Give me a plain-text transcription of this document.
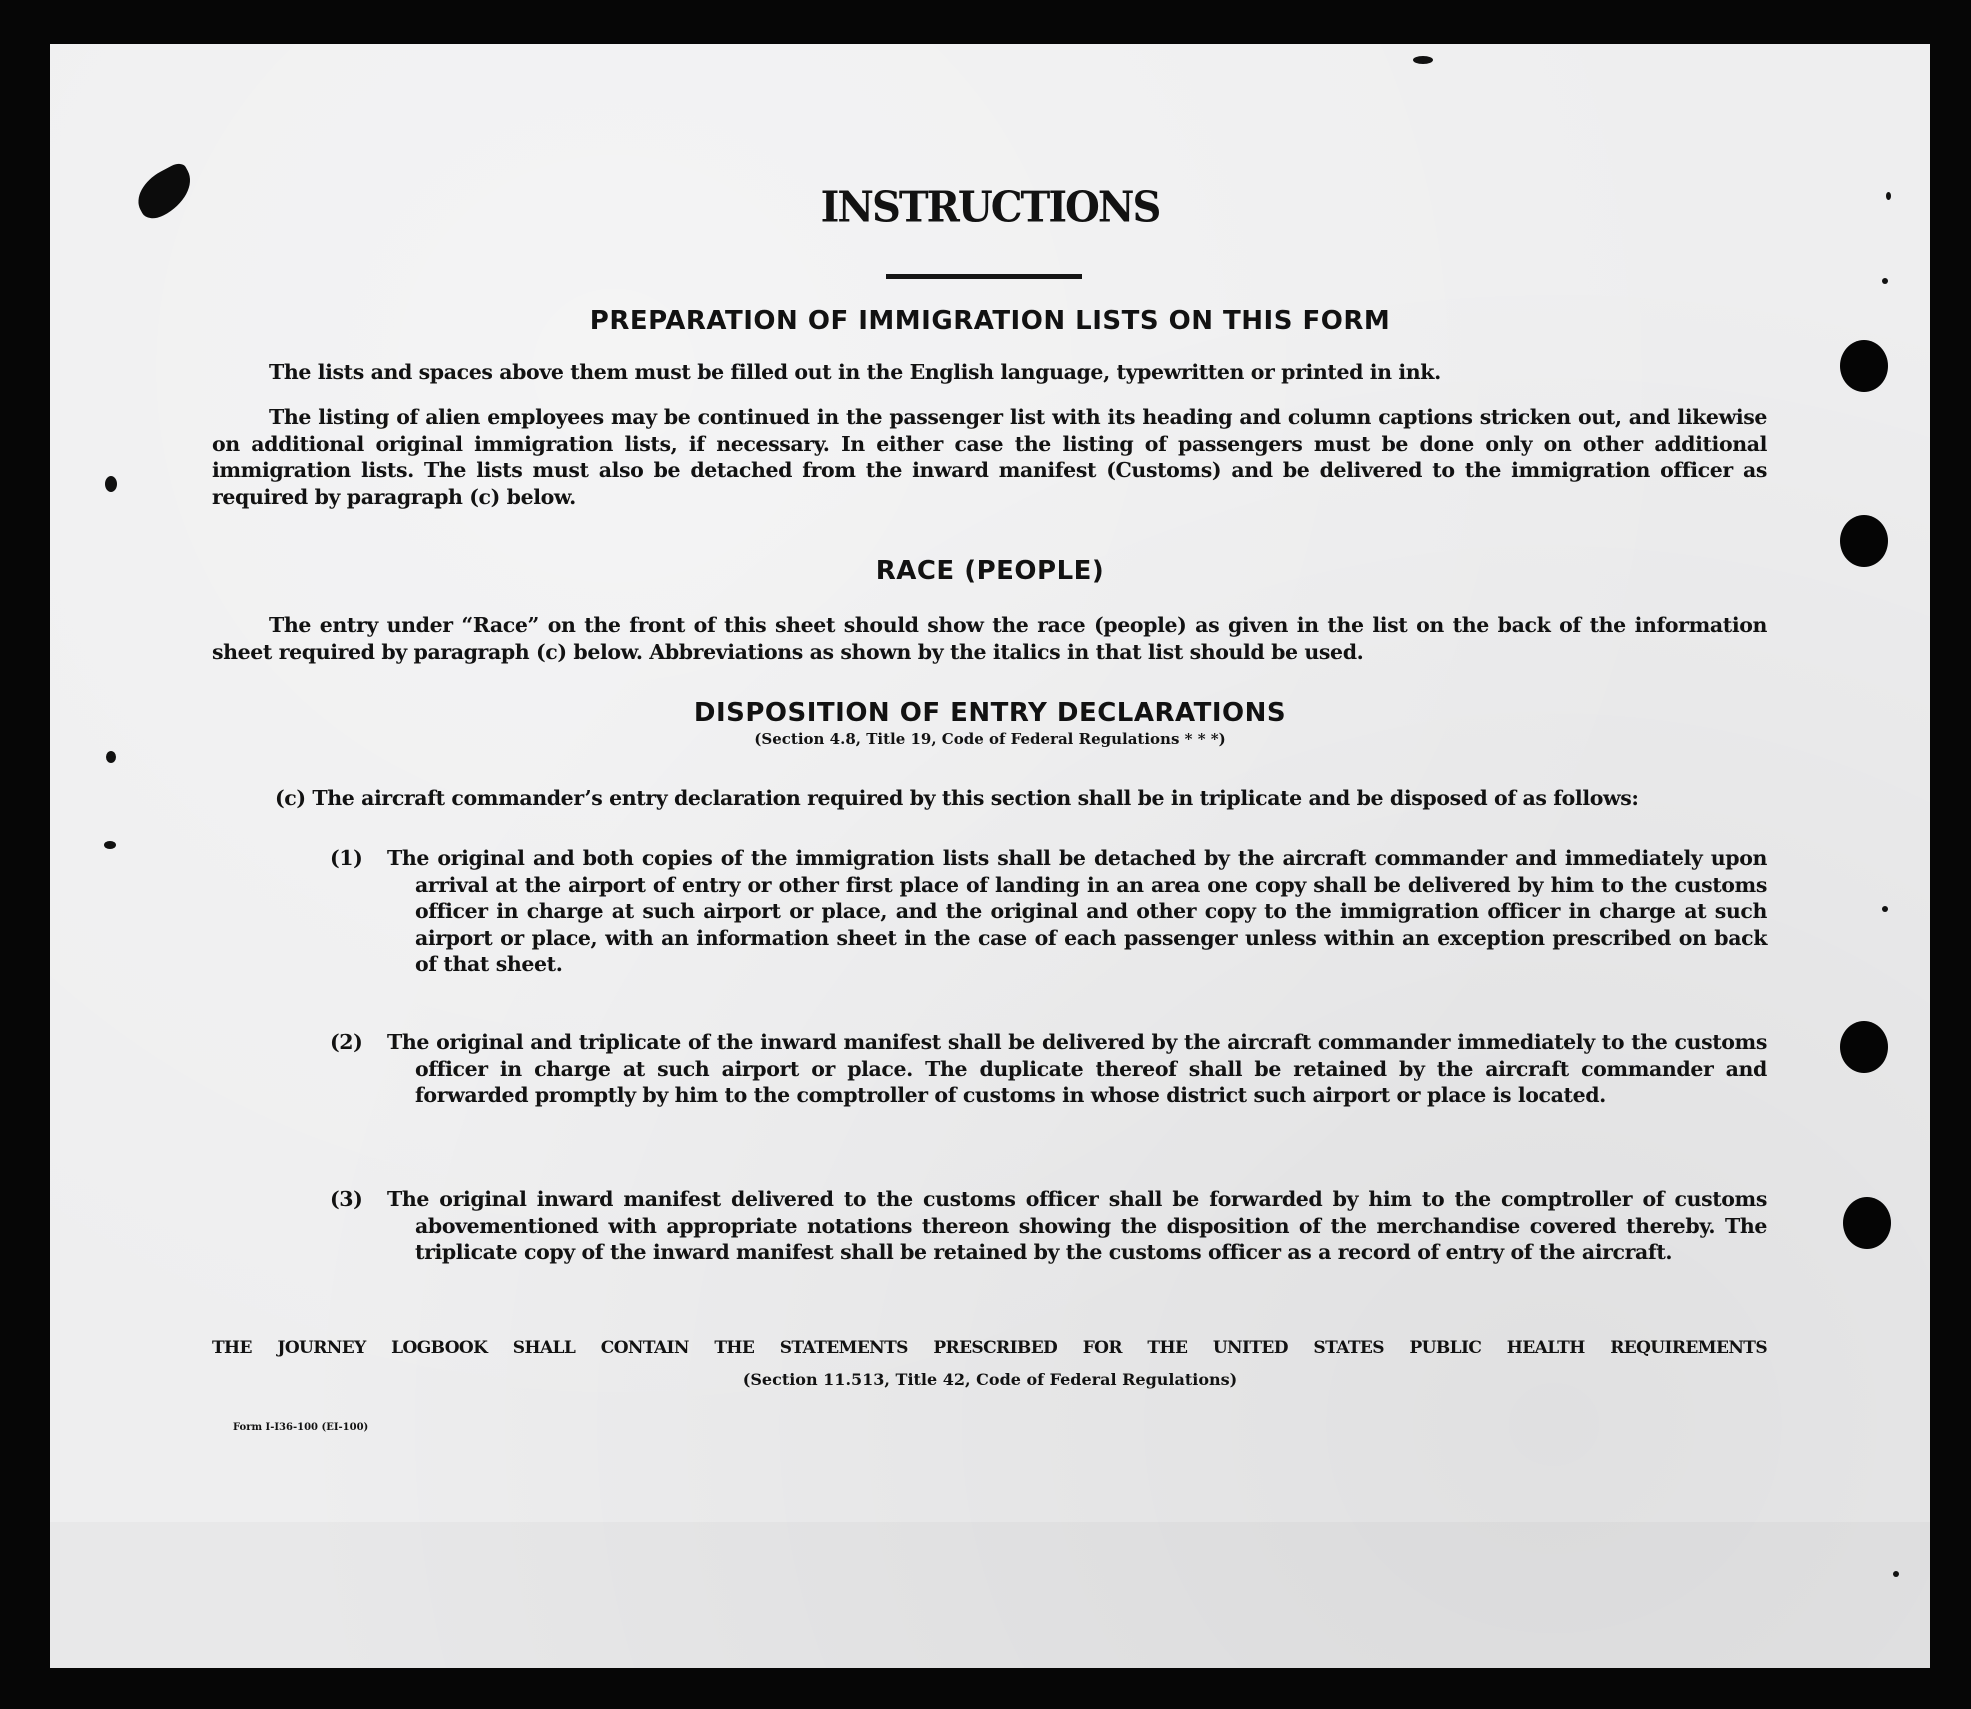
INSTRUCTIONS
PREPARATION OF IMMIGRATION LISTS ON THIS FORM
The lists and spaces above them must be filled out in the English language, typewritten or printed in ink.
The listing of alien employees may be continued in the passenger list with its heading and column captions stricken out, and likewise on additional original immigration lists, if necessary. In either case the listing of passengers must be done only on other additional immigration lists. The lists must also be detached from the inward manifest (Customs) and be delivered to the immigration officer as required by paragraph (c) below.
RACE (PEOPLE)
The entry under “Race” on the front of this sheet should show the race (people) as given in the list on the back of the information sheet required by paragraph (c) below. Abbreviations as shown by the italics in that list should be used.
DISPOSITION OF ENTRY DECLARATIONS
(Section 4.8, Title 19, Code of Federal Regulations * * *)
(c) The aircraft commander’s entry declaration required by this section shall be in triplicate and be disposed of as follows:
(1) The original and both copies of the immigration lists shall be detached by the aircraft commander and immediately upon arrival at the airport of entry or other first place of landing in an area one copy shall be delivered by him to the customs officer in charge at such airport or place, and the original and other copy to the immigration officer in charge at such airport or place, with an information sheet in the case of each passenger unless within an exception prescribed on back of that sheet.
(2) The original and triplicate of the inward manifest shall be delivered by the aircraft commander immediately to the customs officer in charge at such airport or place. The duplicate thereof shall be retained by the aircraft commander and forwarded promptly by him to the comptroller of customs in whose district such airport or place is located.
(3) The original inward manifest delivered to the customs officer shall be forwarded by him to the comptroller of customs abovementioned with appropriate notations thereon showing the disposition of the merchandise covered thereby. The triplicate copy of the inward manifest shall be retained by the customs officer as a record of entry of the aircraft.
THE JOURNEY LOGBOOK SHALL CONTAIN THE STATEMENTS PRESCRIBED FOR THE UNITED STATES PUBLIC HEALTH REQUIREMENTS
(Section 11.513, Title 42, Code of Federal Regulations)
Form I-I36-100 (EI-100)
